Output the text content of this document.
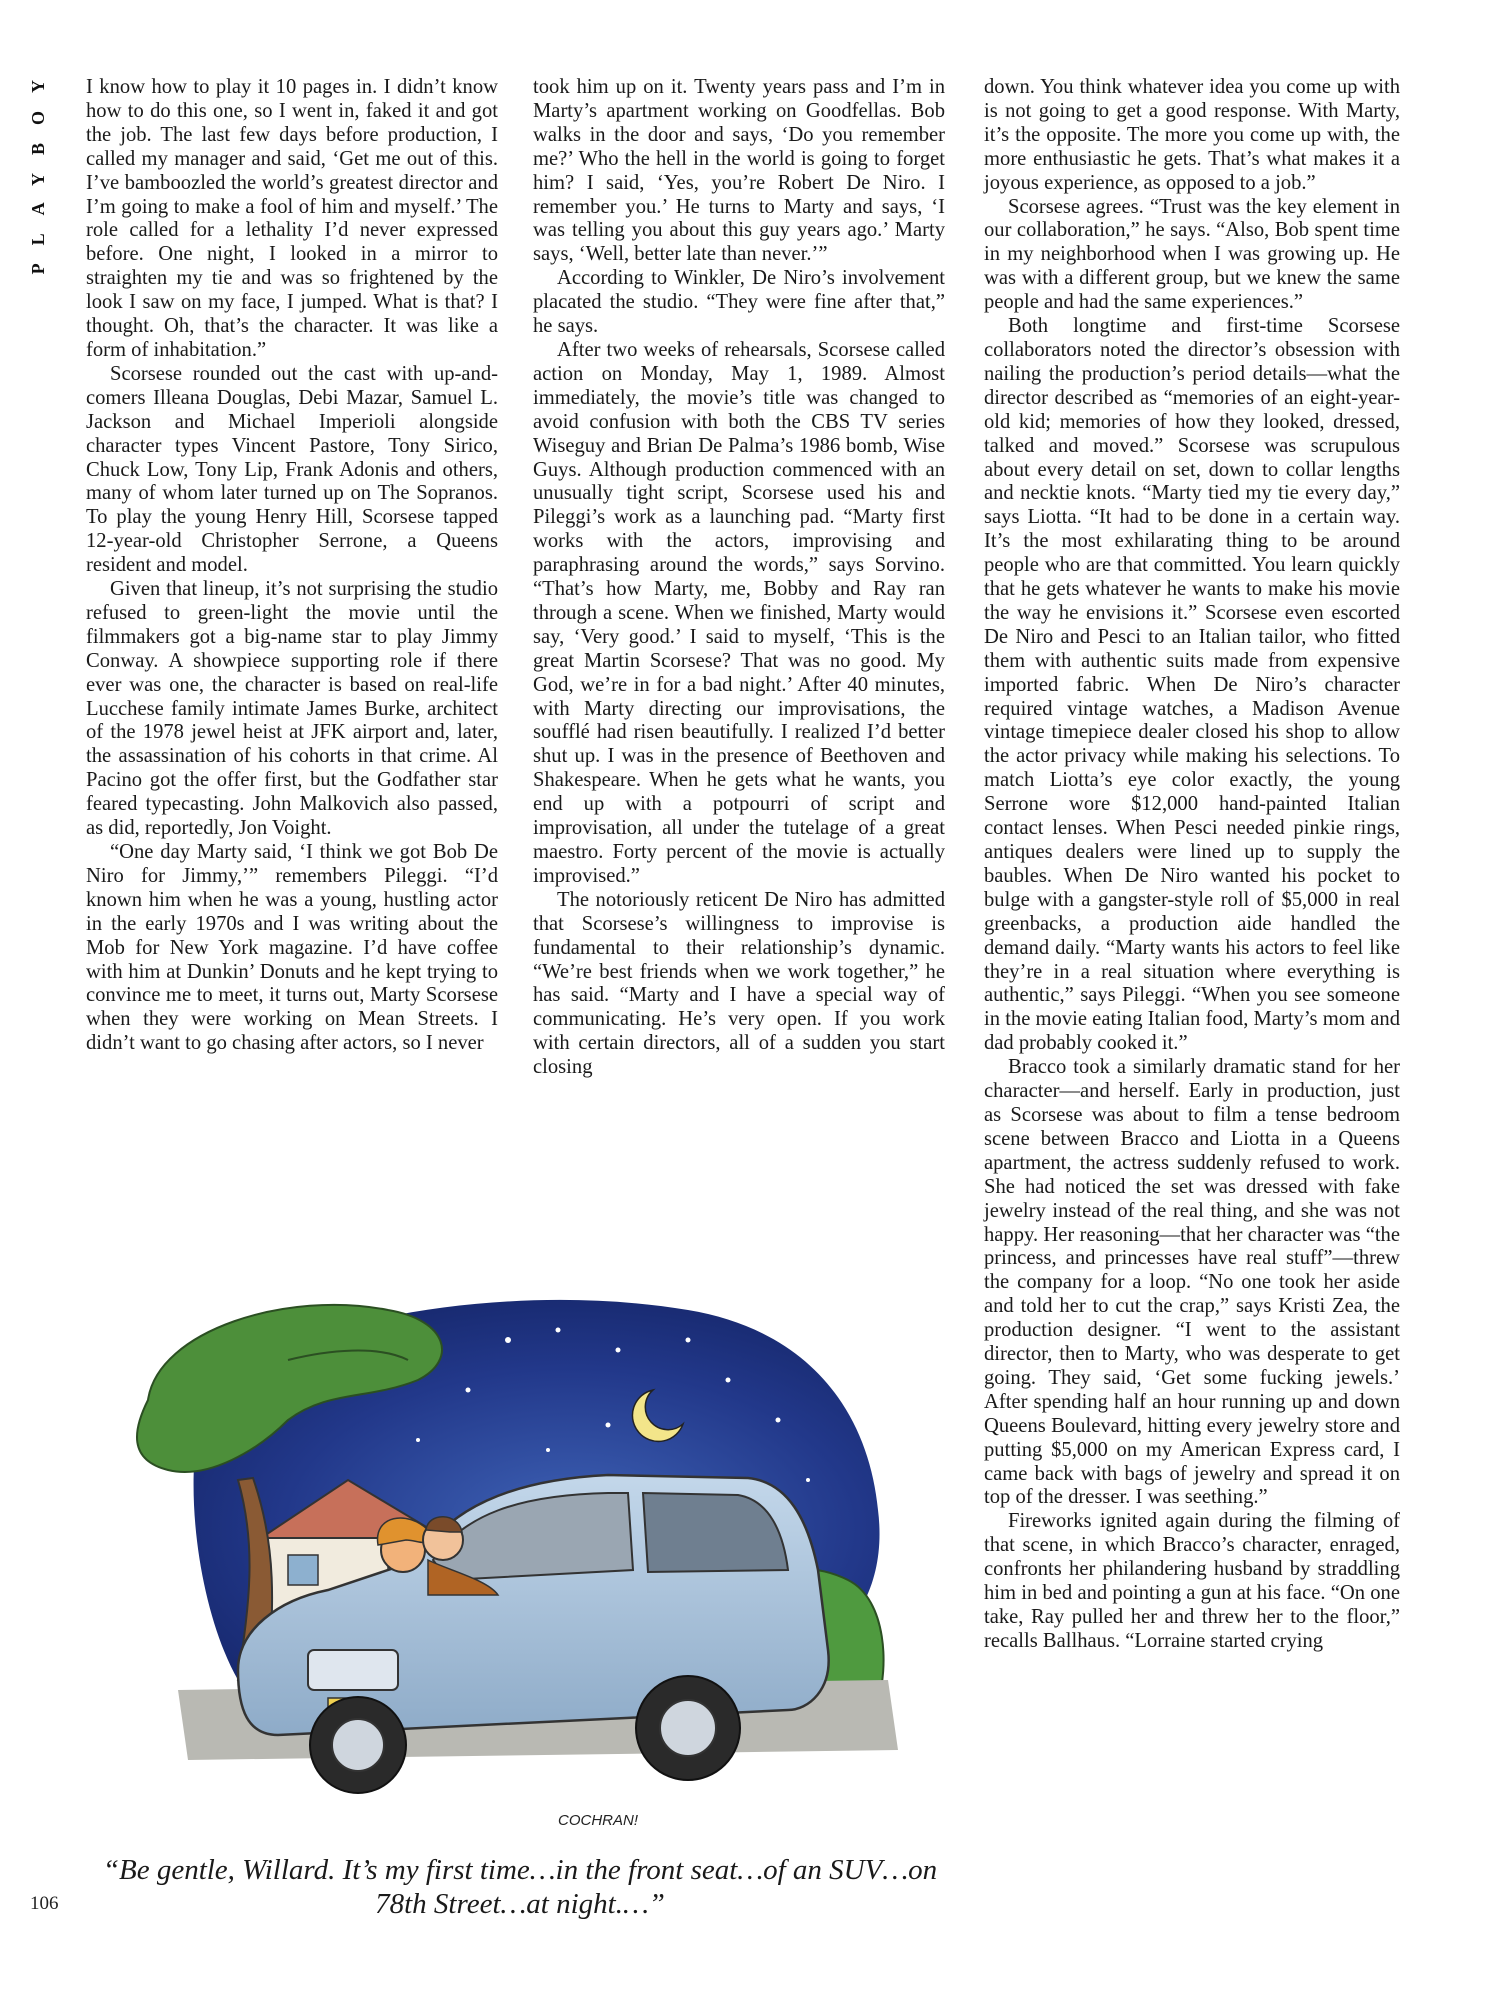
PLAYBOY	I know how to play it 10 pages in. I didn’t know how to do this one, so I went in, faked it and got the job. The last few days before production, I called my manager and said, ‘Get me out of this. I’ve bamboozled the world’s greatest director and I’m going to make a fool of him and myself.’ The role called for a lethality I’d never expressed before. One night, I looked in a mirror to straighten my tie and was so frightened by the look I saw on my face, I jumped. What is that? I thought. Oh, that’s the character. It was like a form of inhabitation.”

Scorsese rounded out the cast with up-and-comers Illeana Douglas, Debi Mazar, Samuel L. Jackson and Michael Imperioli alongside character types Vincent Pastore, Tony Sirico, Chuck Low, Tony Lip, Frank Adonis and others, many of whom later turned up on The Sopranos. To play the young Henry Hill, Scorsese tapped 12-year-old Christopher Serrone, a Queens resident and model.

Given that lineup, it’s not surprising the studio refused to green-light the movie until the filmmakers got a big-name star to play Jimmy Conway. A showpiece supporting role if there ever was one, the character is based on real-life Lucchese family intimate James Burke, architect of the 1978 jewel heist at JFK airport and, later, the assassination of his cohorts in that crime. Al Pacino got the offer first, but the Godfather star feared typecasting. John Malkovich also passed, as did, reportedly, Jon Voight.

“One day Marty said, ‘I think we got Bob De Niro for Jimmy,’” remembers Pileggi. “I’d known him when he was a young, hustling actor in the early 1970s and I was writing about the Mob for New York magazine. I’d have coffee with him at Dunkin’ Donuts and he kept trying to convince me to meet, it turns out, Marty Scorsese when they were working on Mean Streets. I didn’t want to go chasing after actors, so I never

took him up on it. Twenty years pass and I’m in Marty’s apartment working on Goodfellas. Bob walks in the door and says, ‘Do you remember me?’ Who the hell in the world is going to forget him? I said, ‘Yes, you’re Robert De Niro. I remember you.’ He turns to Marty and says, ‘I was telling you about this guy years ago.’ Marty says, ‘Well, better late than never.’”

According to Winkler, De Niro’s involvement placated the studio. “They were fine after that,” he says.

After two weeks of rehearsals, Scorsese called action on Monday, May 1, 1989. Almost immediately, the movie’s title was changed to avoid confusion with both the CBS TV series Wiseguy and Brian De Palma’s 1986 bomb, Wise Guys. Although production commenced with an unusually tight script, Scorsese used his and Pileggi’s work as a launching pad. “Marty first works with the actors, improvising and paraphrasing around the words,” says Sorvino. “That’s how Marty, me, Bobby and Ray ran through a scene. When we finished, Marty would say, ‘Very good.’ I said to myself, ‘This is the great Martin Scorsese? That was no good. My God, we’re in for a bad night.’ After 40 minutes, with Marty directing our improvisations, the soufflé had risen beautifully. I realized I’d better shut up. I was in the presence of Beethoven and Shakespeare. When he gets what he wants, you end up with a potpourri of script and improvisation, all under the tutelage of a great maestro. Forty percent of the movie is actually improvised.”

The notoriously reticent De Niro has admitted that Scorsese’s willingness to improvise is fundamental to their relationship’s dynamic. “We’re best friends when we work together,” he has said. “Marty and I have a special way of communicating. He’s very open. If you work with certain directors, all of a sudden you start closing

down. You think whatever idea you come up with is not going to get a good response. With Marty, it’s the opposite. The more you come up with, the more enthusiastic he gets. That’s what makes it a joyous experience, as opposed to a job.”

Scorsese agrees. “Trust was the key element in our collaboration,” he says. “Also, Bob spent time in my neighborhood when I was growing up. He was with a different group, but we knew the same people and had the same experiences.”

Both longtime and first-time Scorsese collaborators noted the director’s obsession with nailing the production’s period details—what the director described as “memories of an eight-year-old kid; memories of how they looked, dressed, talked and moved.” Scorsese was scrupulous about every detail on set, down to collar lengths and necktie knots. “Marty tied my tie every day,” says Liotta. “It had to be done in a certain way. It’s the most exhilarating thing to be around people who are that committed. You learn quickly that he gets whatever he wants to make his movie the way he envisions it.” Scorsese even escorted De Niro and Pesci to an Italian tailor, who fitted them with authentic suits made from expensive imported fabric. When De Niro’s character required vintage watches, a Madison Avenue vintage timepiece dealer closed his shop to allow the actor privacy while making his selections. To match Liotta’s eye color exactly, the young Serrone wore $12,000 hand-painted Italian contact lenses. When Pesci needed pinkie rings, antiques dealers were lined up to supply the baubles. When De Niro wanted his pocket to bulge with a gangster-style roll of $5,000 in real greenbacks, a production aide handled the demand daily. “Marty wants his actors to feel like they’re in a real situation where everything is authentic,” says Pileggi. “When you see someone in the movie eating Italian food, Marty’s mom and dad probably cooked it.”

Bracco took a similarly dramatic stand for her character—and herself. Early in production, just as Scorsese was about to film a tense bedroom scene between Bracco and Liotta in a Queens apartment, the actress suddenly refused to work. She had noticed the set was dressed with fake jewelry instead of the real thing, and she was not happy. Her reasoning—that her character was “the princess, and princesses have real stuff”—threw the company for a loop. “No one took her aside and told her to cut the crap,” says Kristi Zea, the production designer. “I went to the assistant director, then to Marty, who was desperate to get going. They said, ‘Get some fucking jewels.’ After spending half an hour running up and down Queens Boulevard, hitting every jewelry store and putting $5,000 on my American Express card, I came back with bags of jewelry and spread it on top of the dresser. I was seething.”

Fireworks ignited again during the filming of that scene, in which Bracco’s character, enraged, confronts her philandering husband by straddling him in bed and pointing a gun at his face. “On one take, Ray pulled her and threw her to the floor,” recalls Ballhaus. “Lorraine started crying

COCHRAN!
“Be gentle, Willard. It’s my first time…in the front seat…of an SUV…on 78th Street…at night.…”
106
